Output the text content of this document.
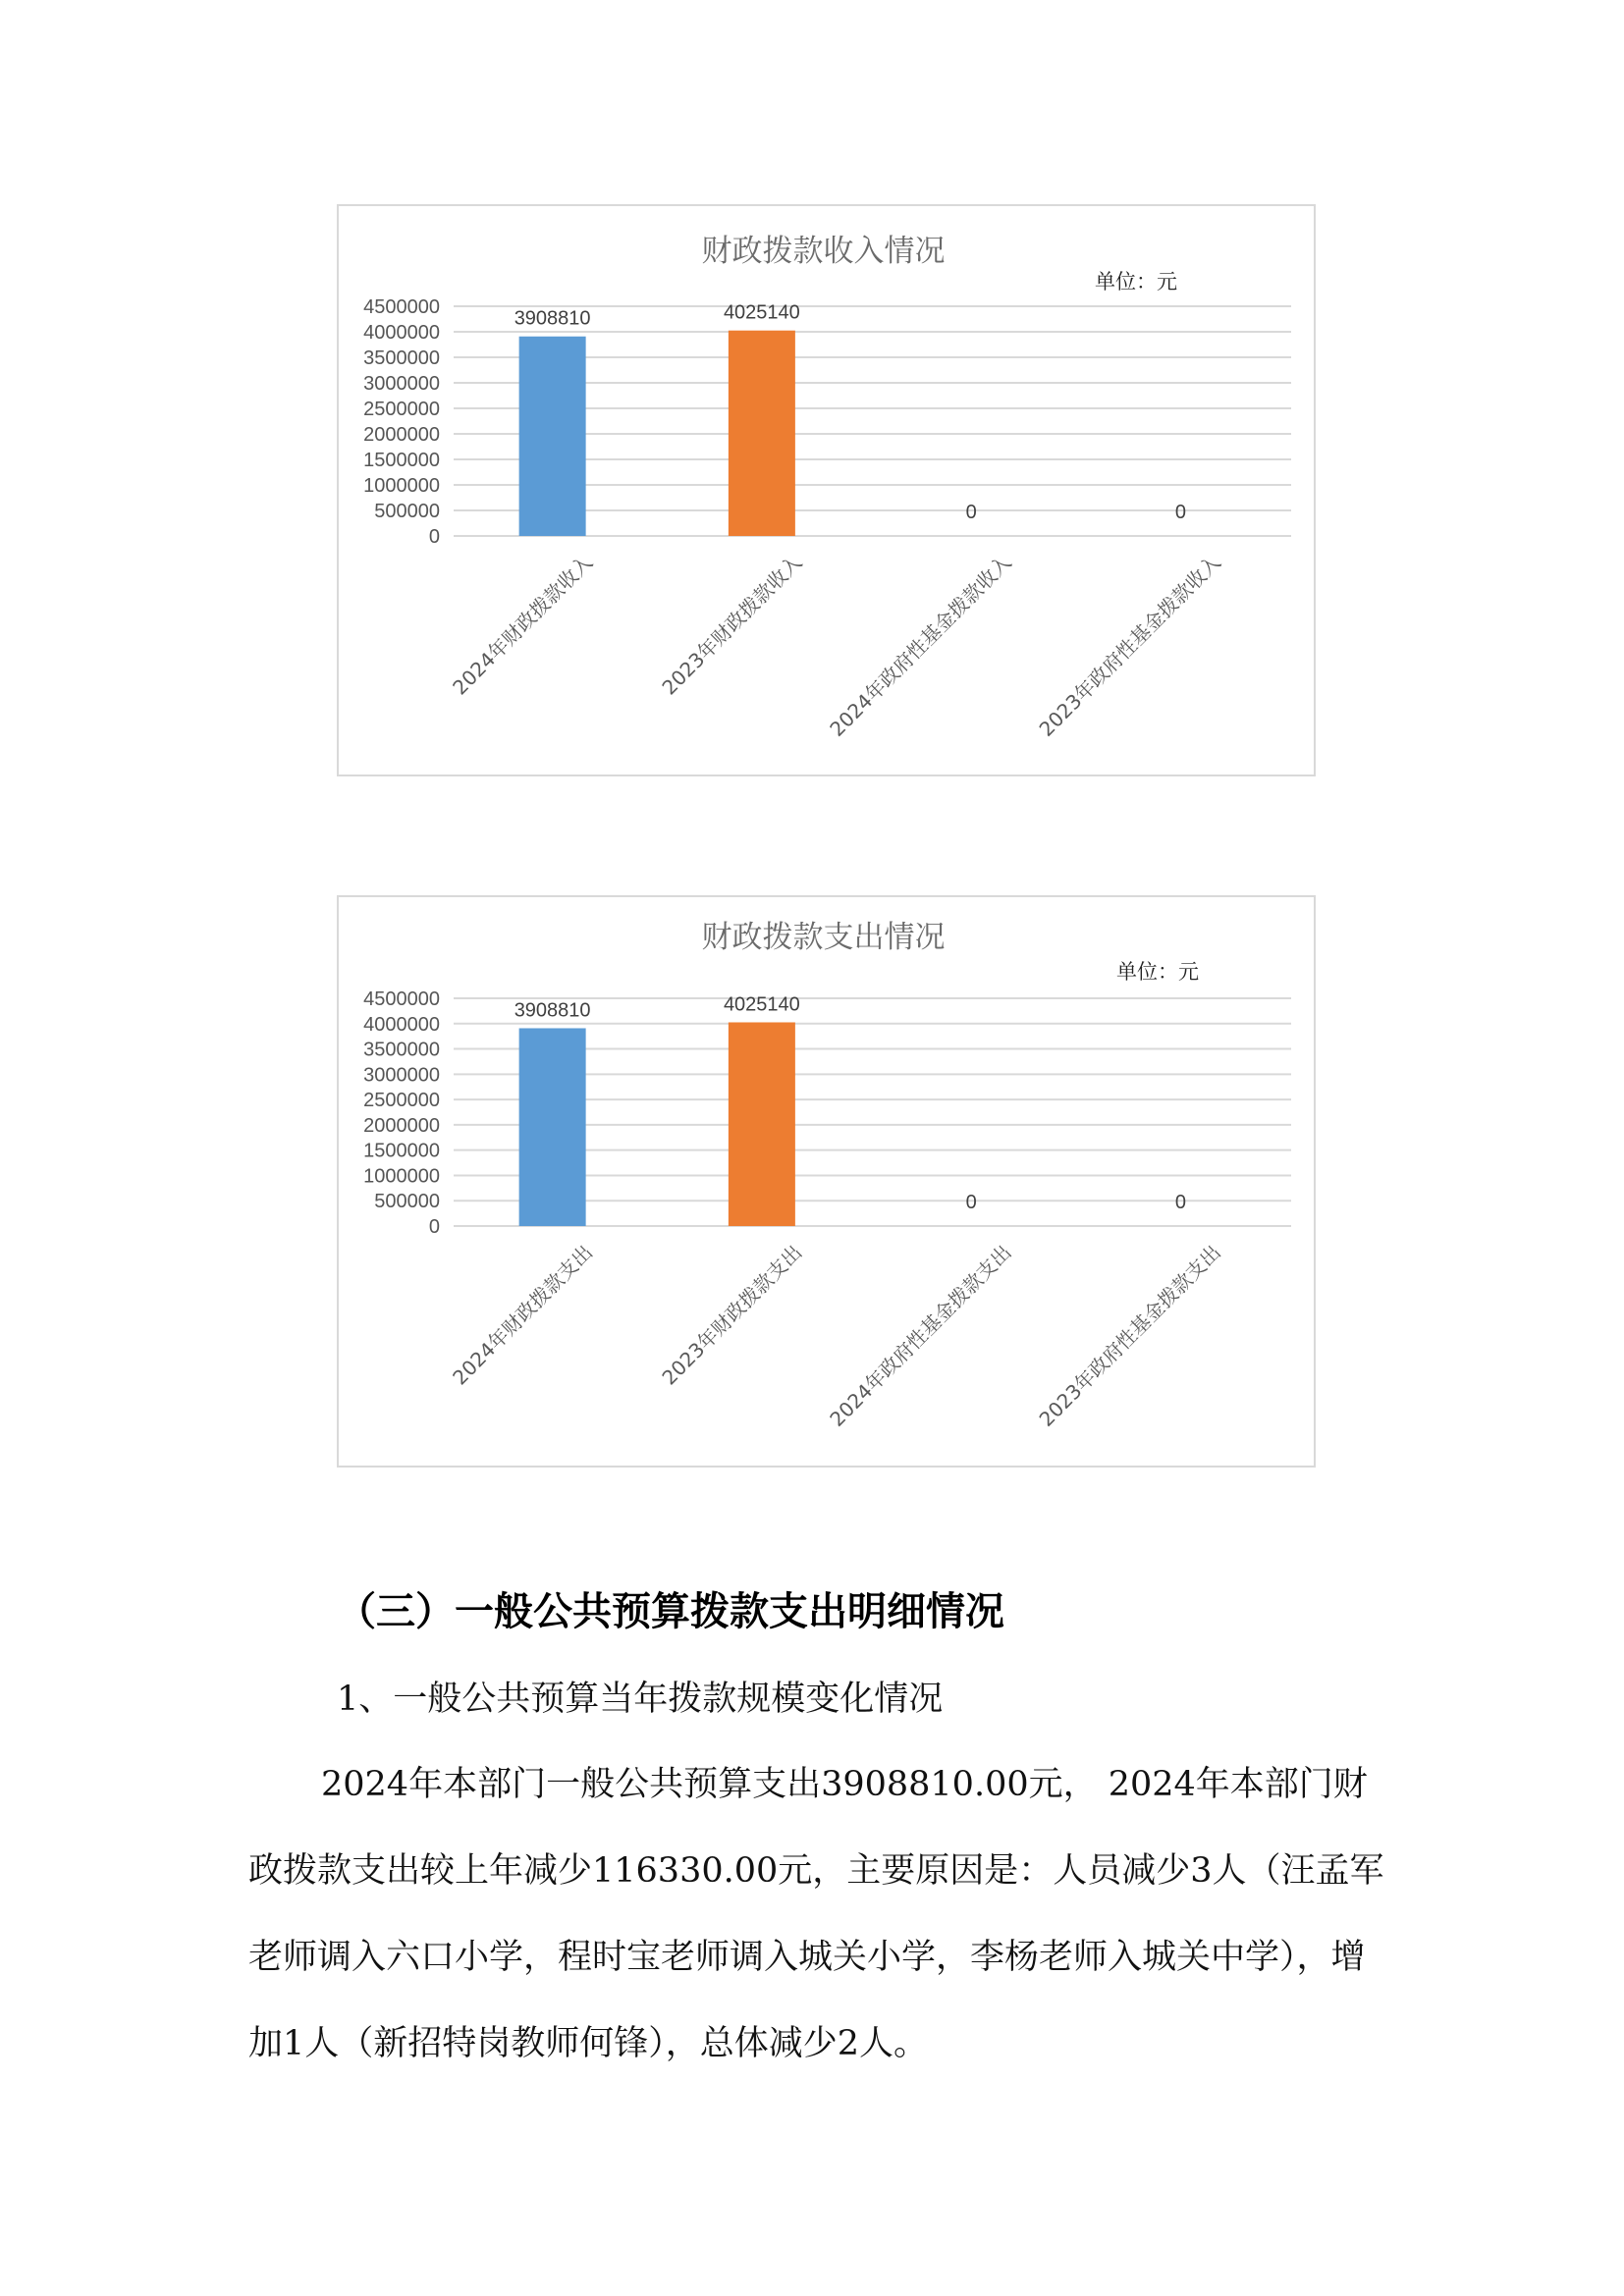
财政拨款收入情况
单位：元
0
500000
1000000
1500000
2000000
2500000
3000000
3500000
4000000
4500000
3908810
2024年财政拨款收入
4025140
2023年财政拨款收入
0
2024年政府性基金拨款收入
0
2023年政府性基金拨款收入
财政拨款支出情况
单位：元
0
500000
1000000
1500000
2000000
2500000
3000000
3500000
4000000
4500000
3908810
2024年财政拨款支出
4025140
2023年财政拨款支出
0
2024年政府性基金拨款支出
0
2023年政府性基金拨款支出
（三）一般公共预算拨款支出明细情况

1、一般公共预算当年拨款规模变化情况

2024年本部门一般公共预算支出3908810.00元， 2024年本部门财政拨款支出较上年减少116330.00元，主要原因是：人员减少3人（汪孟军老师调入六口小学，程时宝老师调入城关小学，李杨老师入城关中学），增加1人（新招特岗教师何锋），总体减少2人。
